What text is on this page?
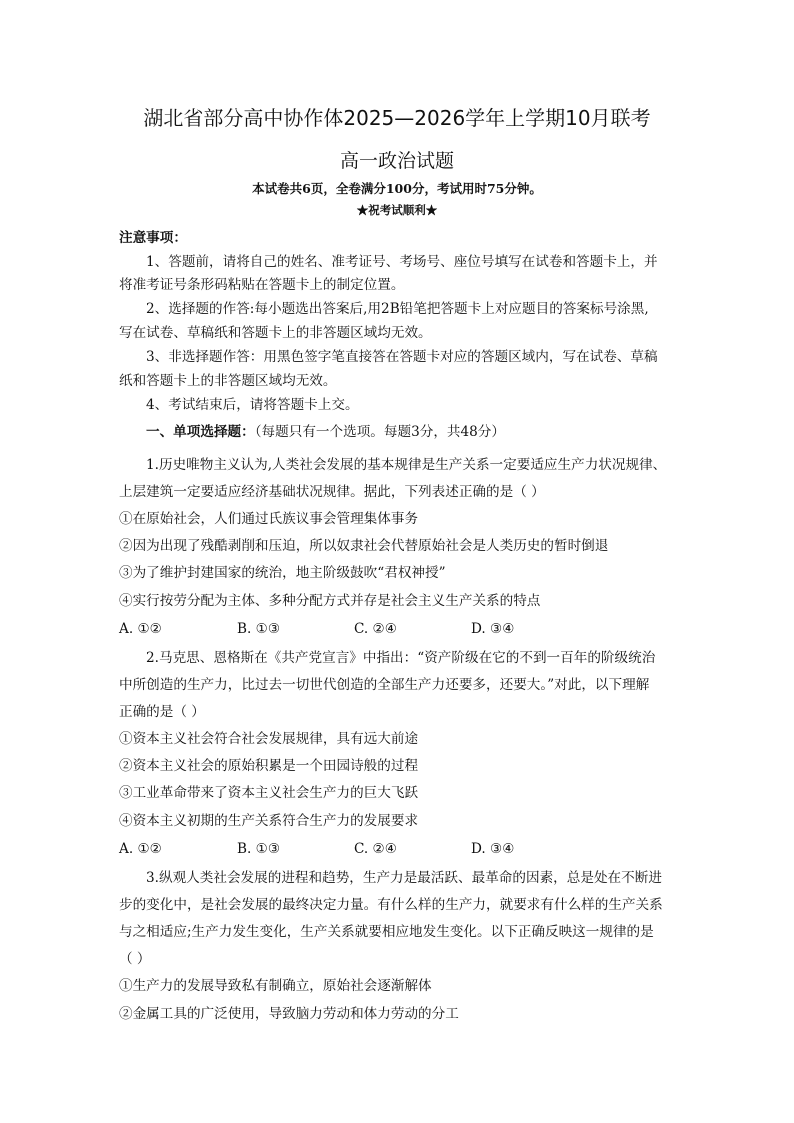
湖北省部分高中协作体2025—2026学年上学期10月联考
高一政治试题
本试卷共6页，全卷满分100分，考试用时75分钟。
★祝考试顺利★
注意事项：
1、答题前，请将自己的姓名、准考证号、考场号、座位号填写在试卷和答题卡上，并
将准考证号条形码粘贴在答题卡上的制定位置。
2、选择题的作答:每小题选出答案后,用2B铅笔把答题卡上对应题目的答案标号涂黑,
写在试卷、草稿纸和答题卡上的非答题区域均无效。
3、非选择题作答：用黑色签字笔直接答在答题卡对应的答题区域内，写在试卷、草稿
纸和答题卡上的非答题区域均无效。
4、考试结束后，请将答题卡上交。
一、单项选择题：（每题只有一个选项。每题3分，共48分）
1.历史唯物主义认为,人类社会发展的基本规律是生产关系一定要适应生产力状况规律、
上层建筑一定要适应经济基础状况规律。据此，下列表述正确的是（ ）
①在原始社会，人们通过氏族议事会管理集体事务
②因为出现了残酷剥削和压迫，所以奴隶社会代替原始社会是人类历史的暂时倒退
③为了维护封建国家的统治，地主阶级鼓吹“君权神授”
④实行按劳分配为主体、多种分配方式并存是社会主义生产关系的特点
A. ①②	B. ①③	C. ②④	D. ③④
2.马克思、恩格斯在《共产党宣言》中指出：“资产阶级在它的不到一百年的阶级统治
中所创造的生产力，比过去一切世代创造的全部生产力还要多，还要大。”对此，以下理解
正确的是（ ）
①资本主义社会符合社会发展规律，具有远大前途
②资本主义社会的原始积累是一个田园诗般的过程
③工业革命带来了资本主义社会生产力的巨大飞跃
④资本主义初期的生产关系符合生产力的发展要求
A. ①②	B. ①③	C. ②④	D. ③④
3.纵观人类社会发展的进程和趋势，生产力是最活跃、最革命的因素，总是处在不断进
步的变化中，是社会发展的最终决定力量。有什么样的生产力，就要求有什么样的生产关系
与之相适应;生产力发生变化，生产关系就要相应地发生变化。以下正确反映这一规律的是
（ ）
①生产力的发展导致私有制确立，原始社会逐渐解体
②金属工具的广泛使用，导致脑力劳动和体力劳动的分工
